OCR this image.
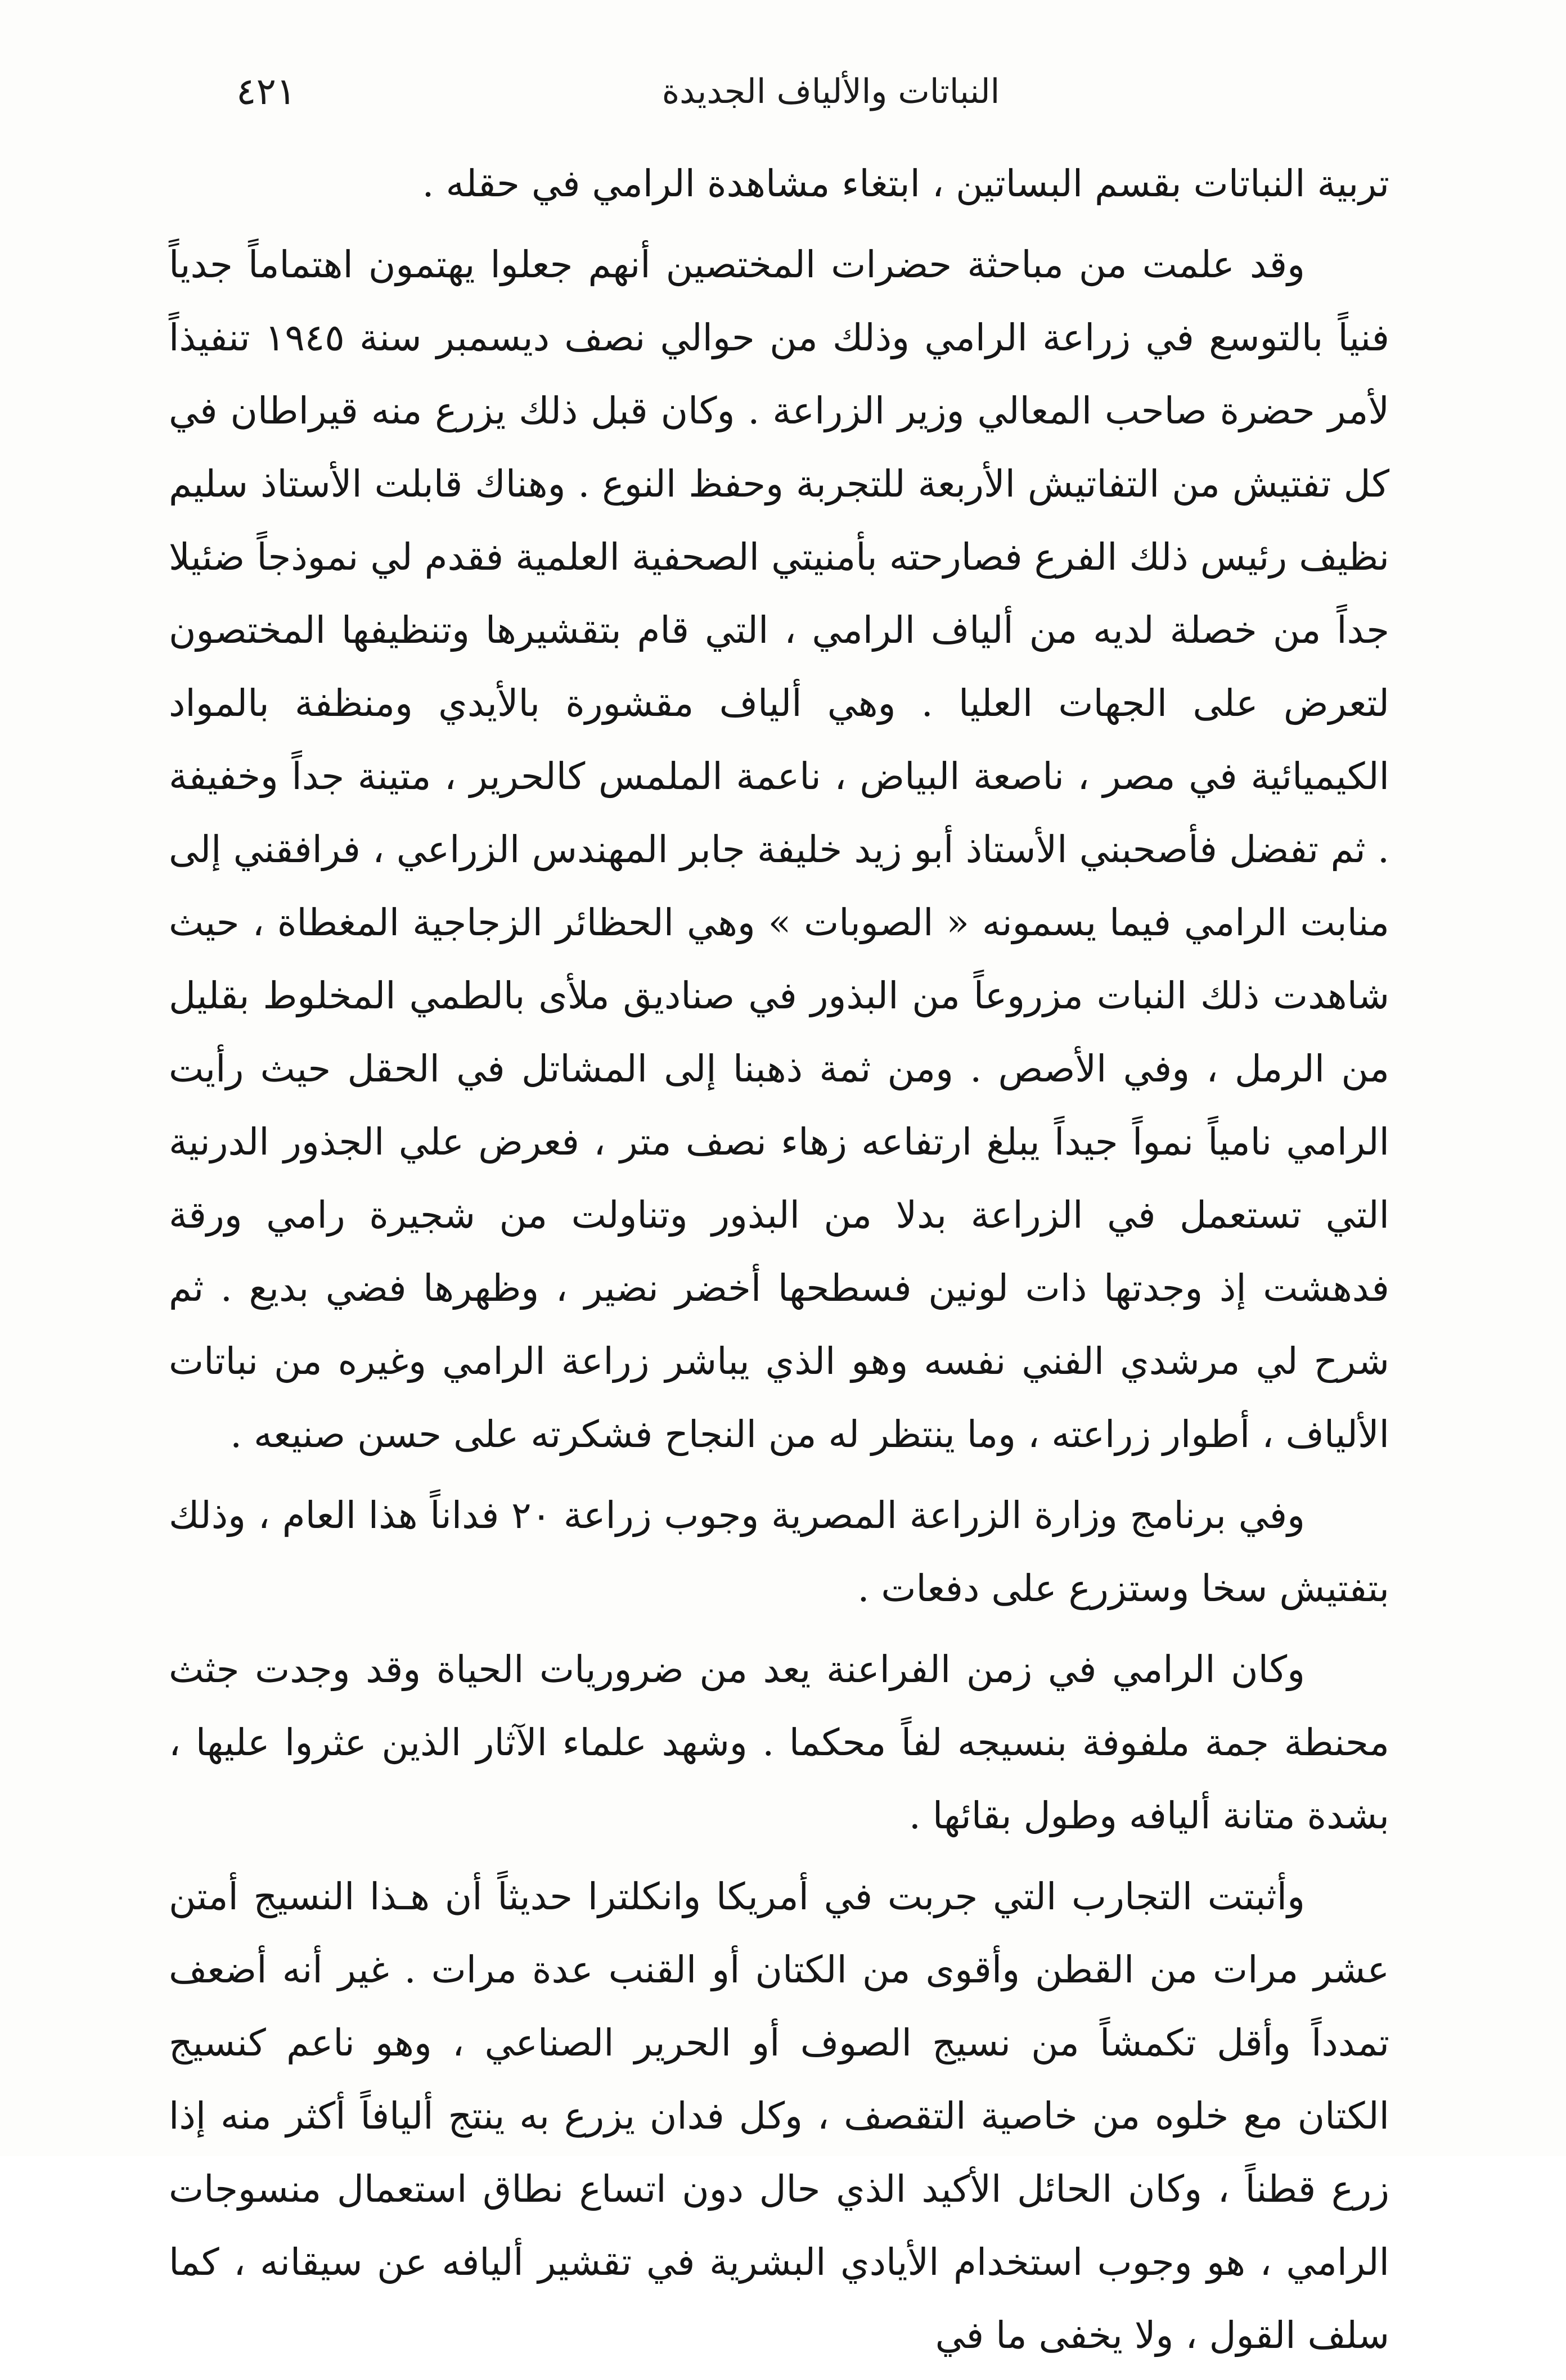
النباتات والألياف الجديدة
٤٢١

تربية النباتات بقسم البساتين ، ابتغاء مشاهدة الرامي في حقله .

وقد علمت من مباحثة حضرات المختصين أنهم جعلوا يهتمون اهتماماً جدياً فنياً بالتوسع في زراعة الرامي وذلك من حوالي نصف ديسمبر سنة ١٩٤٥ تنفيذاً لأمر حضرة صاحب المعالي وزير الزراعة . وكان قبل ذلك يزرع منه قيراطان في كل تفتيش من التفاتيش الأربعة للتجربة وحفظ النوع . وهناك قابلت الأستاذ سليم نظيف رئيس ذلك الفرع فصارحته بأمنيتي الصحفية العلمية فقدم لي نموذجاً ضئيلا جداً من خصلة لديه من ألياف الرامي ، التي قام بتقشيرها وتنظيفها المختصون لتعرض على الجهات العليا . وهي ألياف مقشورة بالأيدي ومنظفة بالمواد الكيميائية في مصر ، ناصعة البياض ، ناعمة الملمس كالحرير ، متينة جداً وخفيفة . ثم تفضل فأصحبني الأستاذ أبو زيد خليفة جابر المهندس الزراعي ، فرافقني إلى منابت الرامي فيما يسمونه « الصوبات » وهي الحظائر الزجاجية المغطاة ، حيث شاهدت ذلك النبات مزروعاً من البذور في صناديق ملأى بالطمي المخلوط بقليل من الرمل ، وفي الأصص . ومن ثمة ذهبنا إلى المشاتل في الحقل حيث رأيت الرامي نامياً نمواً جيداً يبلغ ارتفاعه زهاء نصف متر ، فعرض علي الجذور الدرنية التي تستعمل في الزراعة بدلا من البذور وتناولت من شجيرة رامي ورقة فدهشت إذ وجدتها ذات لونين فسطحها أخضر نضير ، وظهرها فضي بديع . ثم شرح لي مرشدي الفني نفسه وهو الذي يباشر زراعة الرامي وغيره من نباتات الألياف ، أطوار زراعته ، وما ينتظر له من النجاح فشكرته على حسن صنيعه .

وفي برنامج وزارة الزراعة المصرية وجوب زراعة ٢٠ فداناً هذا العام ، وذلك بتفتيش سخا وستزرع على دفعات .

وكان الرامي في زمن الفراعنة يعد من ضروريات الحياة وقد وجدت جثث محنطة جمة ملفوفة بنسيجه لفاً محكما . وشهد علماء الآثار الذين عثروا عليها ، بشدة متانة أليافه وطول بقائها .

وأثبتت التجارب التي جربت في أمريكا وانكلترا حديثاً أن هـذا النسيج أمتن عشر مرات من القطن وأقوى من الكتان أو القنب عدة مرات . غير أنه أضعف تمدداً وأقل تكمشاً من نسيج الصوف أو الحرير الصناعي ، وهو ناعم كنسيج الكتان مع خلوه من خاصية التقصف ، وكل فدان يزرع به ينتج أليافاً أكثر منه إذا زرع قطناً ، وكان الحائل الأكيد الذي حال دون اتساع نطاق استعمال منسوجات الرامي ، هو وجوب استخدام الأيادي البشرية في تقشير أليافه عن سيقانه ، كما سلف القول ، ولا يخفى ما في
